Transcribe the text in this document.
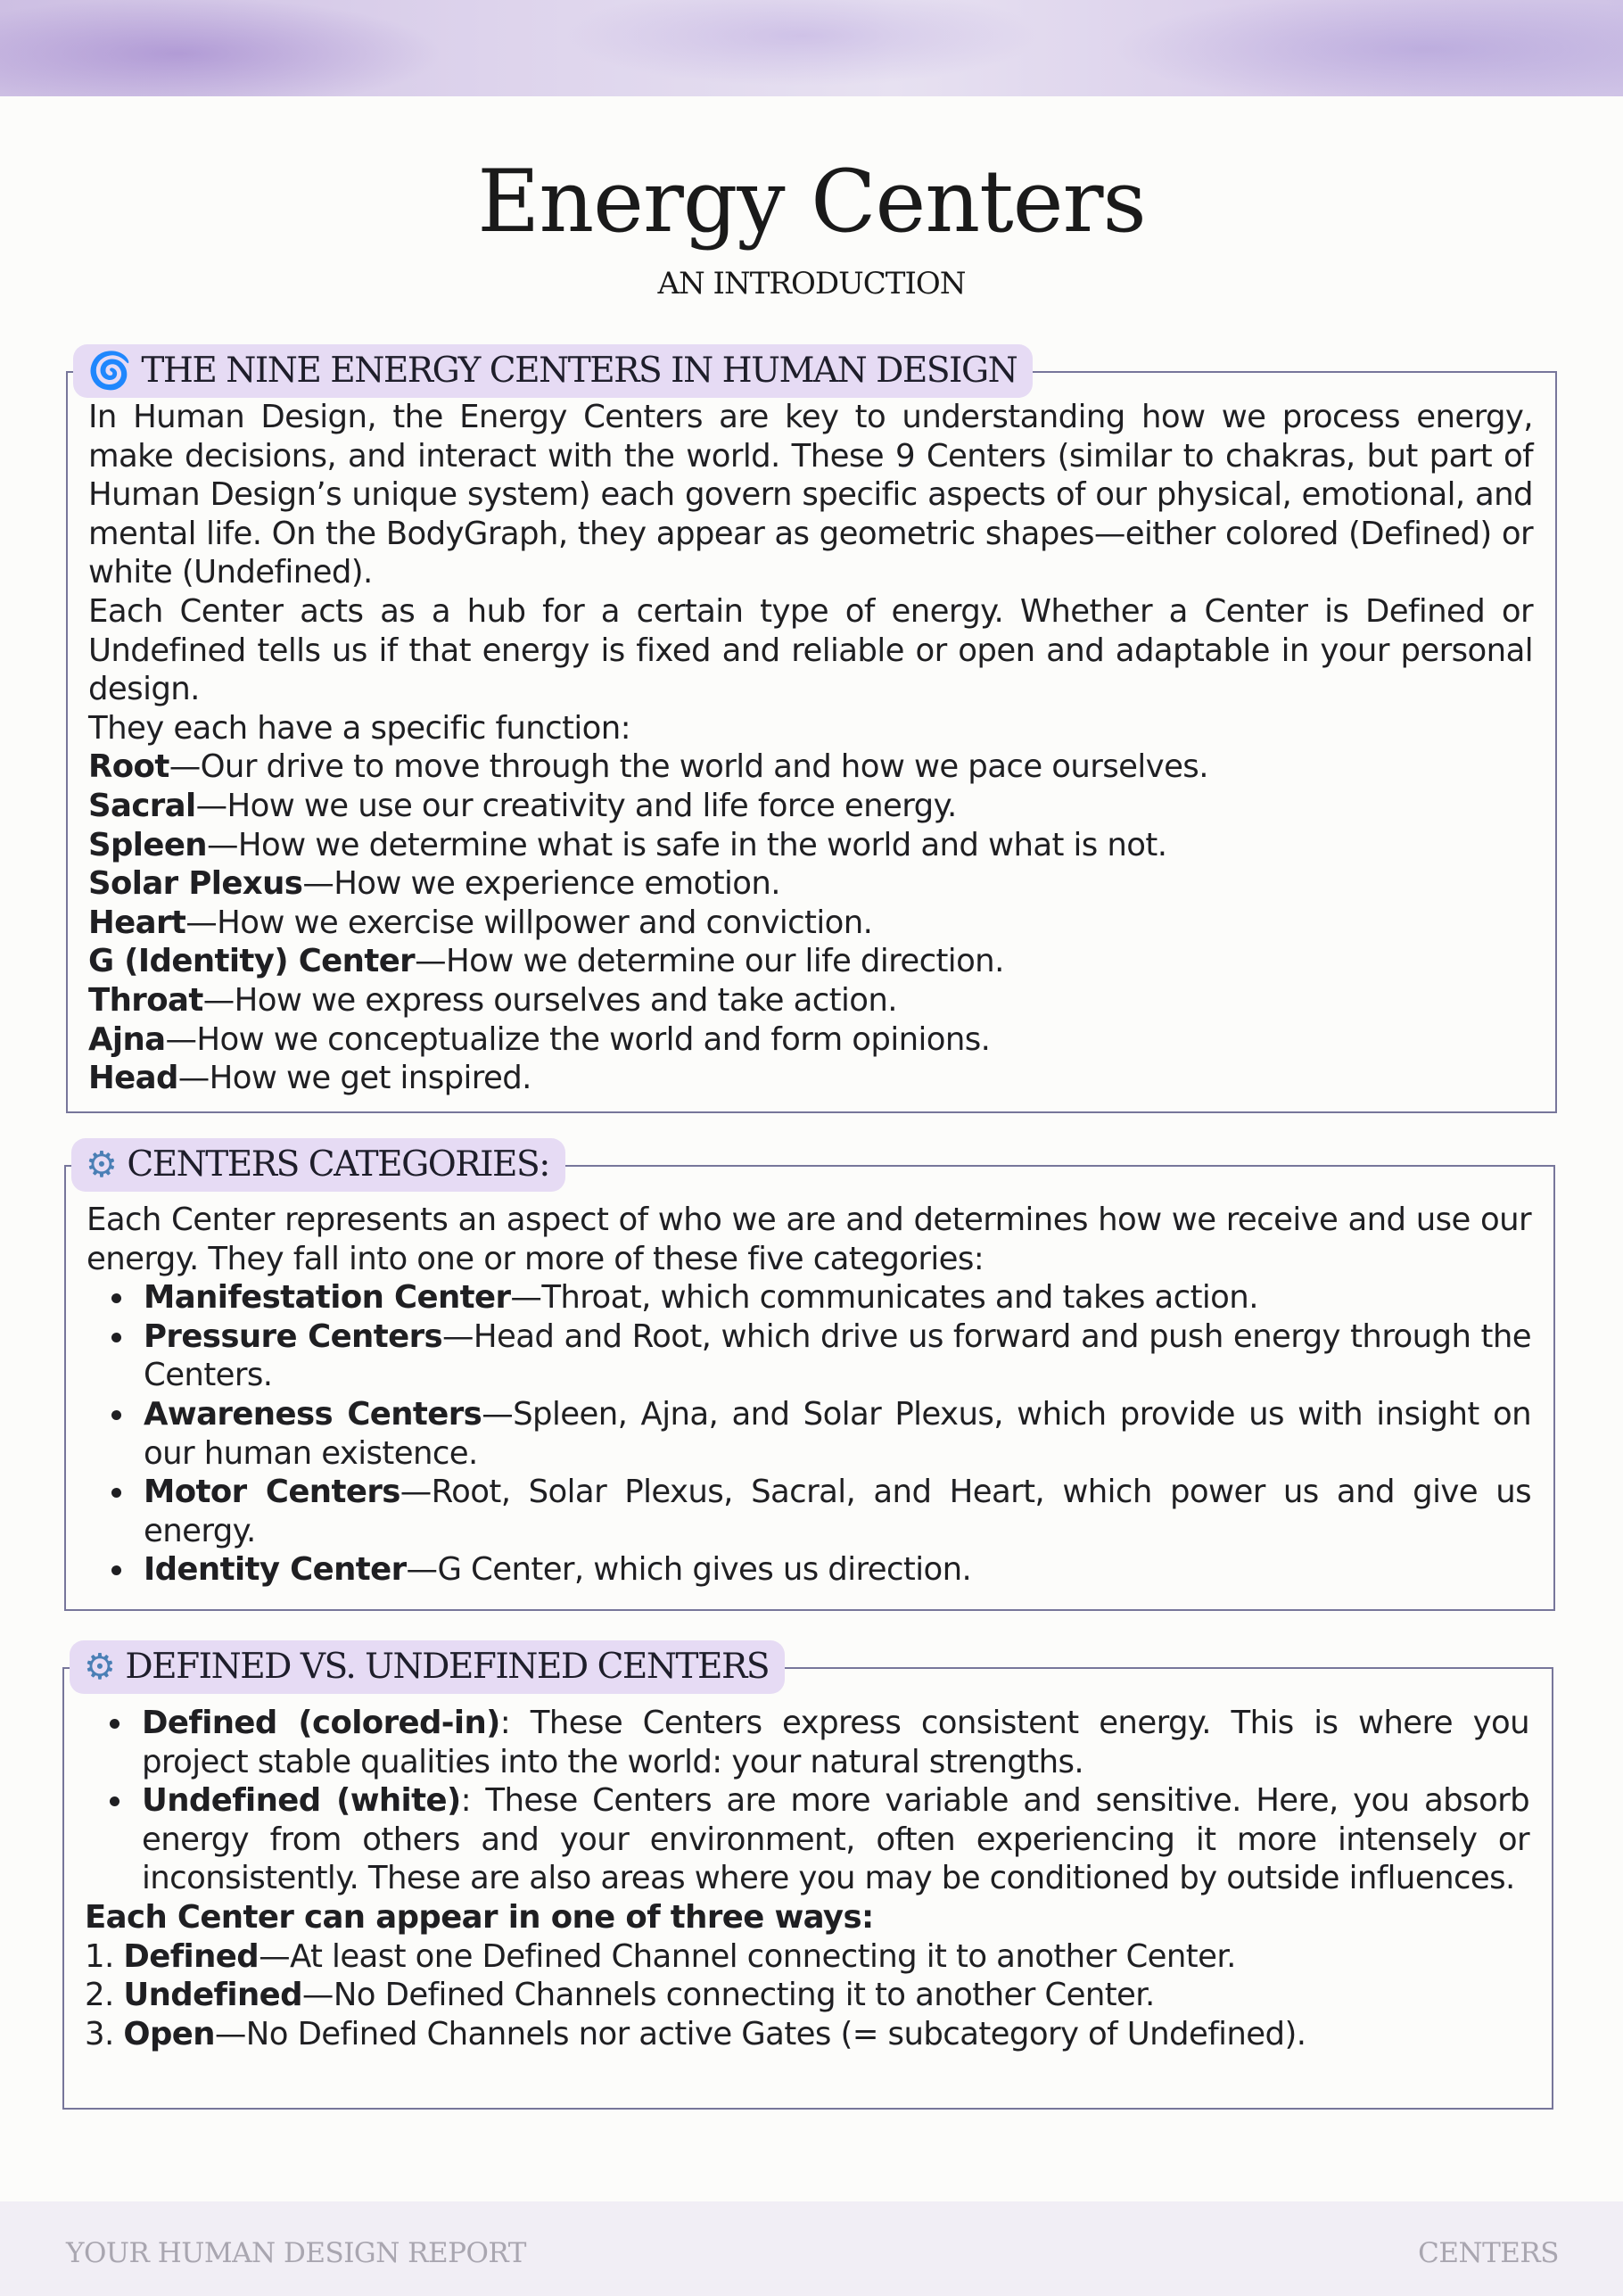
Energy Centers
AN INTRODUCTION
🌀 THE NINE ENERGY CENTERS IN HUMAN DESIGN

In Human Design, the Energy Centers are key to understanding how we process energy, make decisions, and interact with the world. These 9 Centers (similar to chakras, but part of Human Design’s unique system) each govern specific aspects of our physical, emotional, and mental life. On the BodyGraph, they appear as geometric shapes—either colored (Defined) or white (Undefined).

Each Center acts as a hub for a certain type of energy. Whether a Center is Defined or Undefined tells us if that energy is fixed and reliable or open and adaptable in your personal design.

They each have a specific function:

Root—Our drive to move through the world and how we pace ourselves.
Sacral—How we use our creativity and life force energy.
Spleen—How we determine what is safe in the world and what is not.
Solar Plexus—How we experience emotion.
Heart—How we exercise willpower and conviction.
G (Identity) Center—How we determine our life direction.
Throat—How we express ourselves and take action.
Ajna—How we conceptualize the world and form opinions.
Head—How we get inspired.
⚙ CENTERS CATEGORIES:

Each Center represents an aspect of who we are and determines how we receive and use our energy. They fall into one or more of these five categories:

Manifestation Center—Throat, which communicates and takes action.
Pressure Centers—Head and Root, which drive us forward and push energy through the Centers.
Awareness Centers—Spleen, Ajna, and Solar Plexus, which provide us with insight on our human existence.
Motor Centers—Root, Solar Plexus, Sacral, and Heart, which power us and give us energy.
Identity Center—G Center, which gives us direction.
⚙ DEFINED VS. UNDEFINED CENTERS
Defined (colored-in): These Centers express consistent energy. This is where you project stable qualities into the world: your natural strengths.
Undefined (white): These Centers are more variable and sensitive. Here, you absorb energy from others and your environment, often experiencing it more intensely or inconsistently. These are also areas where you may be conditioned by outside influences.

Each Center can appear in one of three ways:

1. Defined—At least one Defined Channel connecting it to another Center.
2. Undefined—No Defined Channels connecting it to another Center.
3. Open—No Defined Channels nor active Gates (= subcategory of Undefined).
YOUR HUMAN DESIGN REPORT	CENTERS
